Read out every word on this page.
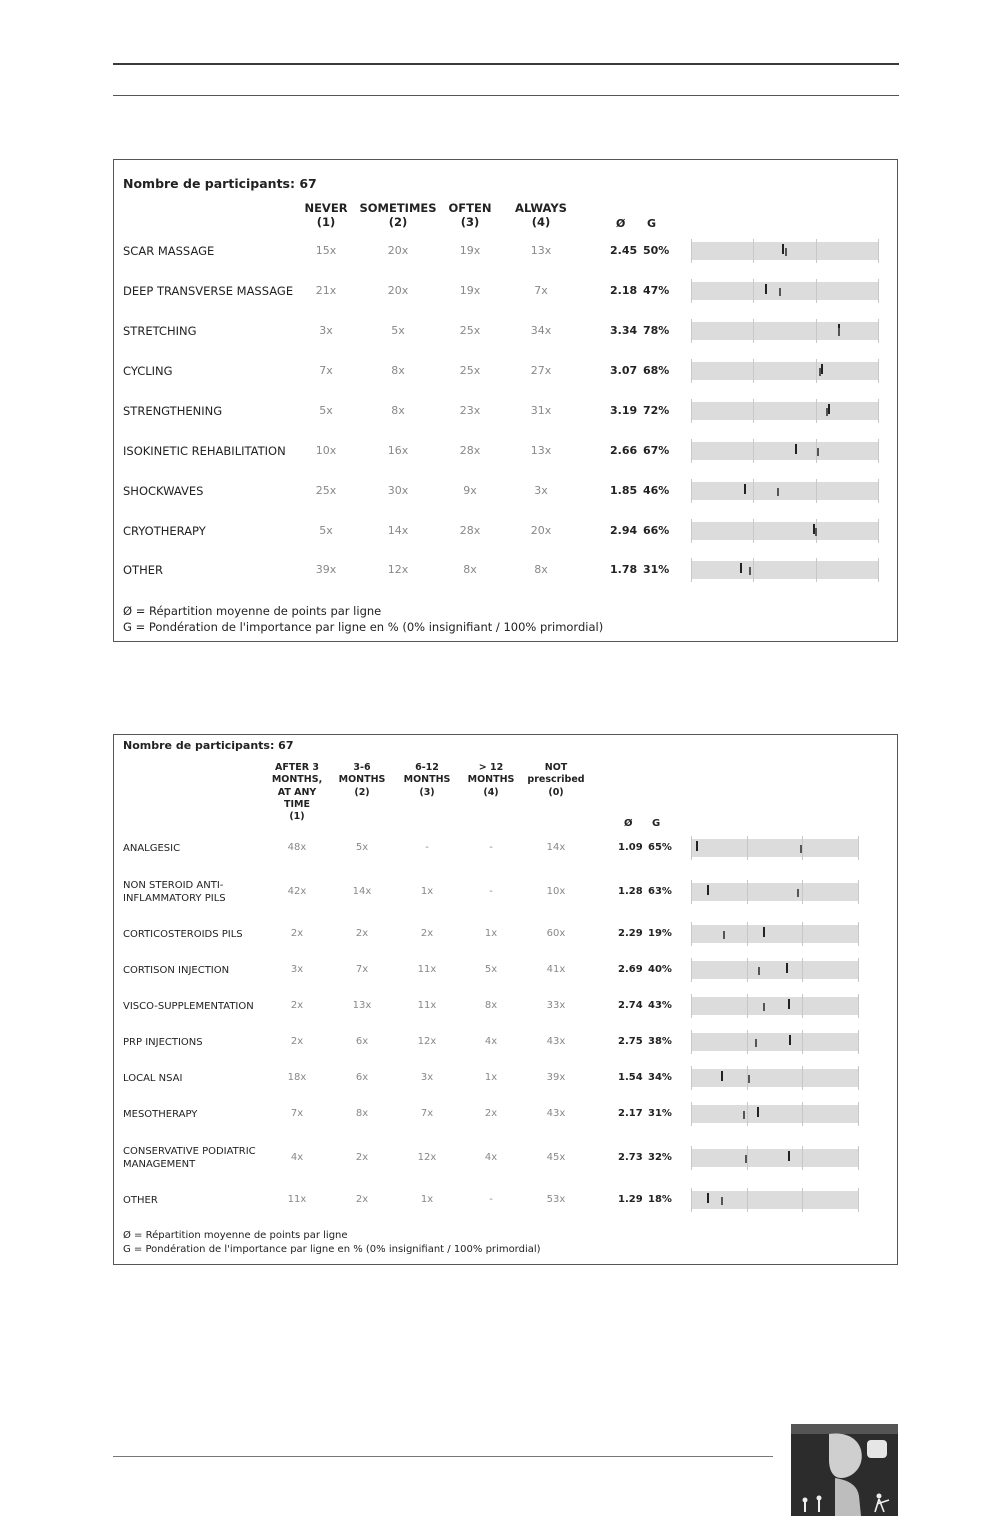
Nombre de participants: 67
NEVER
(1)
SOMETIMES
(2)
OFTEN
(3)
ALWAYS
(4)	Ø G
SCAR MASSAGE	15x	20x	19x	13x	2.45 50%
DEEP TRANSVERSE MASSAGE 21x	20x	19x	7x	2.18 47%
STRETCHING	3x	5x	25x	34x	3.34 78%
CYCLING	7x	8x	25x	27x	3.07 68%
STRENGTHENING	5x	8x	23x	31x	3.19 72%
ISOKINETIC REHABILITATION	10x	16x	28x	13x	2.66 67%
SHOCKWAVES	25x	30x	9x	3x	1.85 46%
CRYOTHERAPY	5x	14x	28x	20x	2.94 66%
OTHER	39x	12x	8x	8x	1.78 31%
Ø = Répartition moyenne de points par ligne
G = Pondération de l'importance par ligne en % (0% insignifiant / 100% primordial)
Nombre de participants: 67
AFTER 3
MONTHS,
AT ANY
TIME
(1)
3-6
MONTHS
(2)
6-12
MONTHS
(3)
> 12
MONTHS
(4)
NOT
prescribed
(0)
Ø G
ANALGESIC	48x	5x	-	-	14x	1.09 65%
NON STEROID ANTI-
INFLAMMATORY PILS
42x	14x	1x	-	10x	1.28 63%
CORTICOSTEROIDS PILS	2x	2x	2x	1x	60x	2.29 19%
CORTISON INJECTION	3x	7x	11x	5x	41x	2.69 40%
VISCO-SUPPLEMENTATION	2x	13x	11x	8x	33x	2.74 43%
PRP INJECTIONS	2x	6x	12x	4x	43x	2.75 38%
LOCAL NSAI	18x	6x	3x	1x	39x	1.54 34%
MESOTHERAPY	7x	8x	7x	2x	43x	2.17 31%
CONSERVATIVE PODIATRIC
MANAGEMENT
4x	2x	12x	4x	45x	2.73 32%
OTHER	11x	2x	1x	-	53x	1.29 18%
Ø = Répartition moyenne de points par ligne
G = Pondération de l'importance par ligne en % (0% insignifiant / 100% primordial)
